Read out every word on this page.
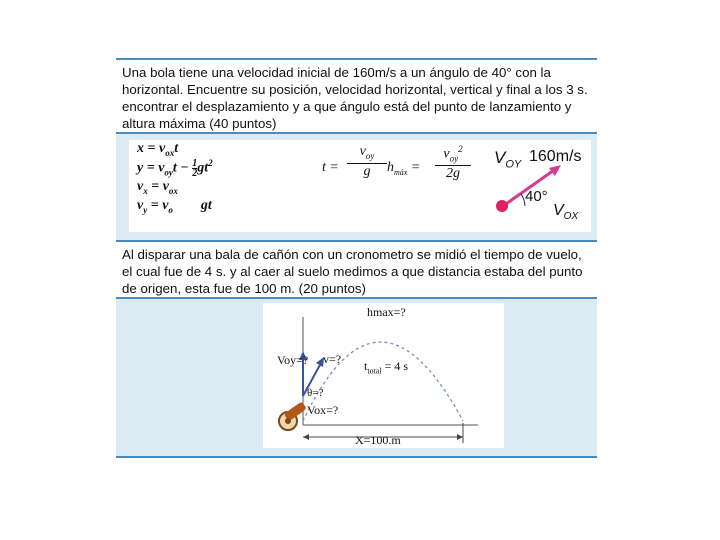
Una bola tiene una velocidad inicial de 160m/s a un ángulo de 40° con la horizontal. Encuentre su posición, velocidad horizontal, vertical y final a los 3 s. encontrar el desplazamiento y a que ángulo está del punto de lanzamiento y altura máxima (40 puntos)
$x = v_{ox}t$
$y = v_{oy}t - \frac{1}{2} gt^2$
$v_x = v_{ox}$
$v_y = v_o$ gt
t =
$v_{oy}$
g	$h_{máx}$ =
$v_{oy}^2$
2g
$V_{OY}$ 160m/s
40°
$V_{OX}$
Al disparar una bala de cañón con un cronometro se midió el tiempo de vuelo, el cual fue de 4 s. y al caer al suelo medimos a que distancia estaba del punto de origen, esta fue de 100 m. (20 puntos)
hmax=?
Voy=? v=? $t_{total} = 4$ s
θ=?
Vox=?
X=100.m
